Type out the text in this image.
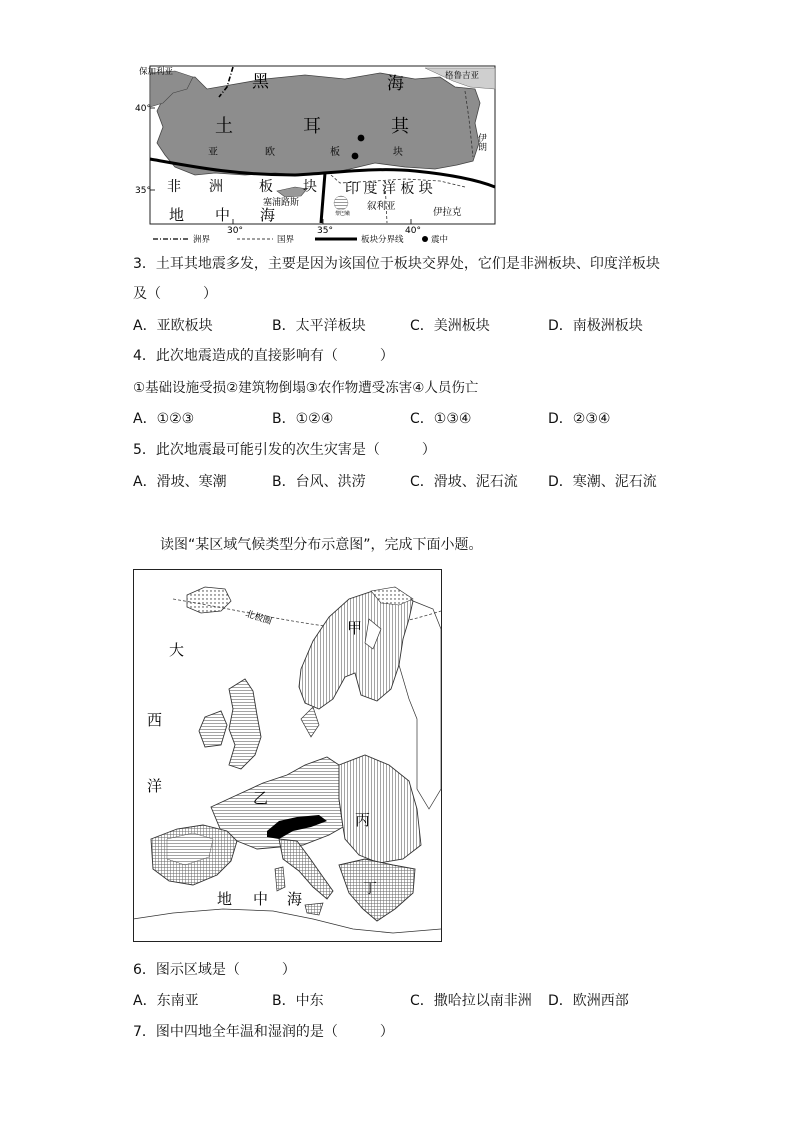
保加利亚	黑	海	格鲁吉亚
40°
35°
土	耳	其
伊朗
亚	欧	板	块
非 洲	板 块 印 度 洋 板 块
塞浦路斯	叙利亚
伊拉克
黎巴嫩
地 中 海
30°	35°	40°
洲界	国界	板块分界线	震中
3．土耳其地震多发，主要是因为该国位于板块交界处，它们是非洲板块、印度洋板块
及（　　　）
A．亚欧板块	B．太平洋板块	C．美洲板块	D．南极洲板块
4．此次地震造成的直接影响有（　　　）
①基础设施受损②建筑物倒塌③农作物遭受冻害④人员伤亡
A．①②③	B．①②④	C．①③④	D．②③④
5．此次地震最可能引发的次生灾害是（　　　）
A．滑坡、寒潮	B．台风、洪涝	C．滑坡、泥石流 D．寒潮、泥石流
读图“某区域气候类型分布示意图”，完成下面小题。
北极圈
甲
大
西
洋
乙
丙
丁
地 中 海
6．图示区域是（　　　）
A．东南亚	B．中东	C．撒哈拉以南非洲 D．欧洲西部
7．图中四地全年温和湿润的是（　　　）
